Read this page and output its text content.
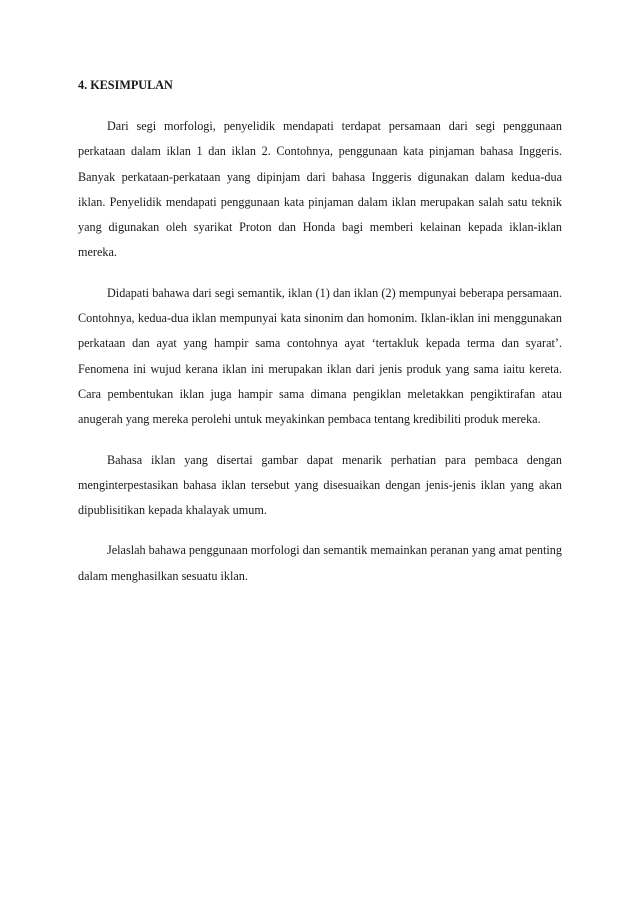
4. KESIMPULAN

Dari segi morfologi, penyelidik mendapati terdapat persamaan dari segi penggunaan perkataan dalam iklan 1 dan iklan 2. Contohnya, penggunaan kata pinjaman bahasa Inggeris. Banyak perkataan-perkataan yang dipinjam dari bahasa Inggeris digunakan dalam kedua-dua iklan. Penyelidik mendapati penggunaan kata pinjaman dalam iklan merupakan salah satu teknik yang digunakan oleh syarikat Proton dan Honda bagi memberi kelainan kepada iklan-iklan mereka.

Didapati bahawa dari segi semantik, iklan (1) dan iklan (2) mempunyai beberapa persamaan. Contohnya, kedua-dua iklan mempunyai kata sinonim dan homonim. Iklan-iklan ini menggunakan perkataan dan ayat yang hampir sama contohnya ayat ‘tertakluk kepada terma dan syarat’. Fenomena ini wujud kerana iklan ini merupakan iklan dari jenis produk yang sama iaitu kereta. Cara pembentukan iklan juga hampir sama dimana pengiklan meletakkan pengiktirafan atau anugerah yang mereka perolehi untuk meyakinkan pembaca tentang kredibiliti produk mereka.

Bahasa iklan yang disertai gambar dapat menarik perhatian para pembaca dengan menginterpestasikan bahasa iklan tersebut yang disesuaikan dengan jenis-jenis iklan yang akan dipublisitikan kepada khalayak umum.

Jelaslah bahawa penggunaan morfologi dan semantik memainkan peranan yang amat penting dalam menghasilkan sesuatu iklan.
